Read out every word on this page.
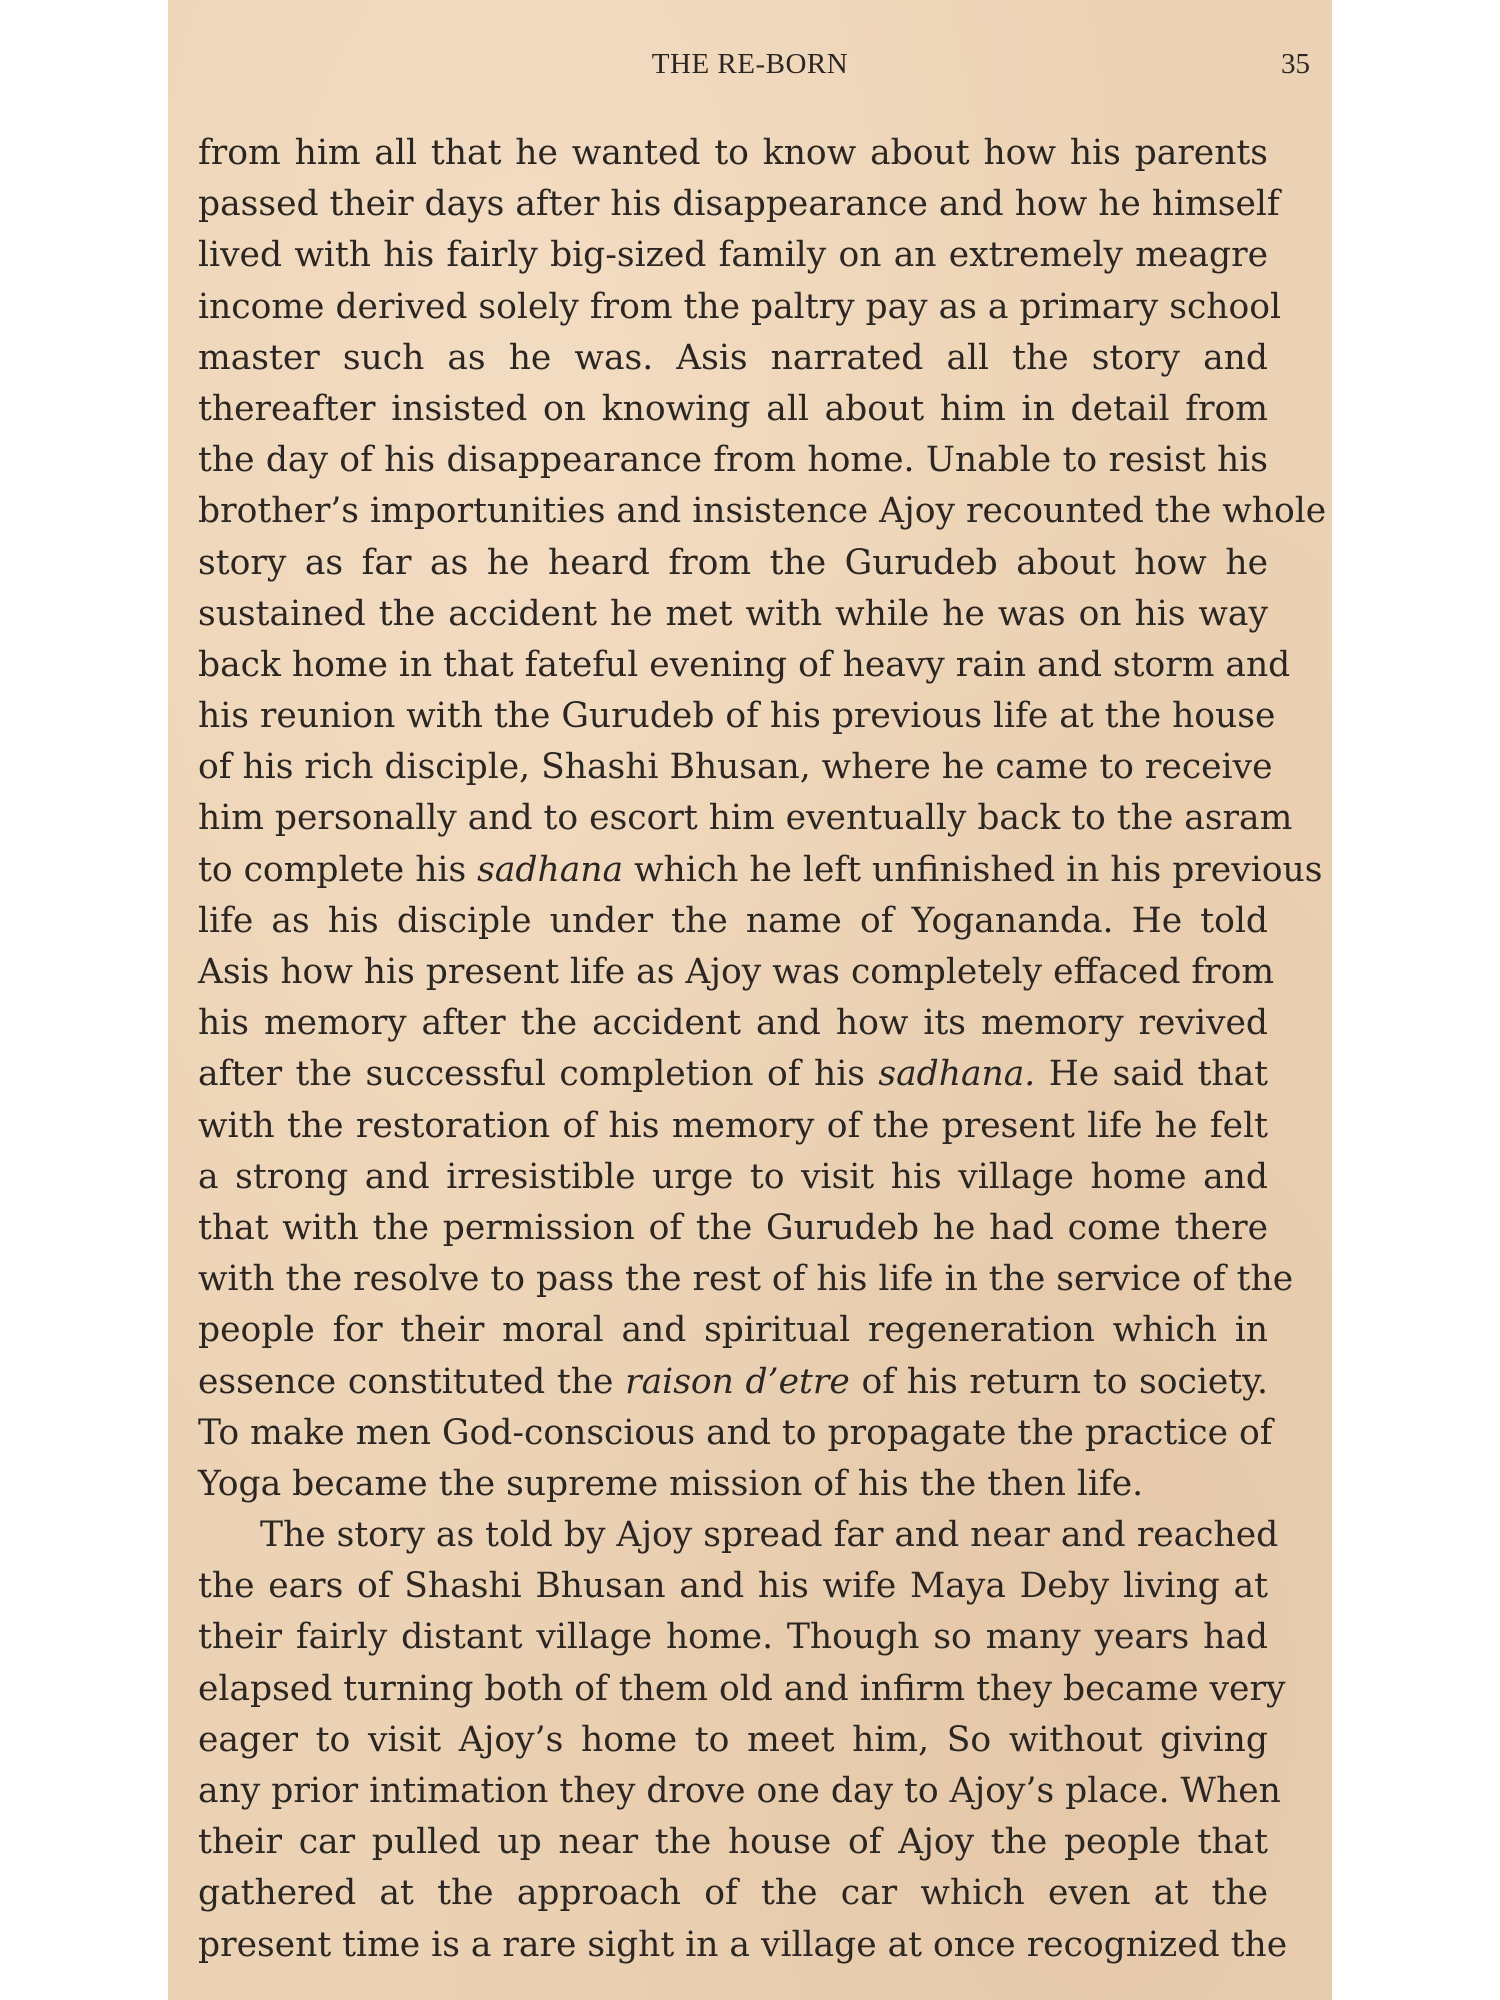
THE RE-BORN	35
from him all that he wanted to know about how his parents
passed their days after his disappearance and how he himself
lived with his fairly big-sized family on an extremely meagre
income derived solely from the paltry pay as a primary school
master such as he was. Asis narrated all the story and
thereafter insisted on knowing all about him in detail from
the day of his disappearance from home. Unable to resist his
brother’s importunities and insistence Ajoy recounted the whole
story as far as he heard from the Gurudeb about how he
sustained the accident he met with while he was on his way
back home in that fateful evening of heavy rain and storm and
his reunion with the Gurudeb of his previous life at the house
of his rich disciple, Shashi Bhusan, where he came to receive
him personally and to escort him eventually back to the asram
to complete his sadhana which he left unfinished in his previous
life as his disciple under the name of Yogananda. He told
Asis how his present life as Ajoy was completely effaced from
his memory after the accident and how its memory revived
after the successful completion of his sadhana. He said that
with the restoration of his memory of the present life he felt
a strong and irresistible urge to visit his village home and
that with the permission of the Gurudeb he had come there
with the resolve to pass the rest of his life in the service of the
people for their moral and spiritual regeneration which in
essence constituted the raison d’etre of his return to society.
To make men God-conscious and to propagate the practice of
Yoga became the supreme mission of his the then life.
The story as told by Ajoy spread far and near and reached
the ears of Shashi Bhusan and his wife Maya Deby living at
their fairly distant village home. Though so many years had
elapsed turning both of them old and infirm they became very
eager to visit Ajoy’s home to meet him, So without giving
any prior intimation they drove one day to Ajoy’s place. When
their car pulled up near the house of Ajoy the people that
gathered at the approach of the car which even at the
present time is a rare sight in a village at once recognized the
